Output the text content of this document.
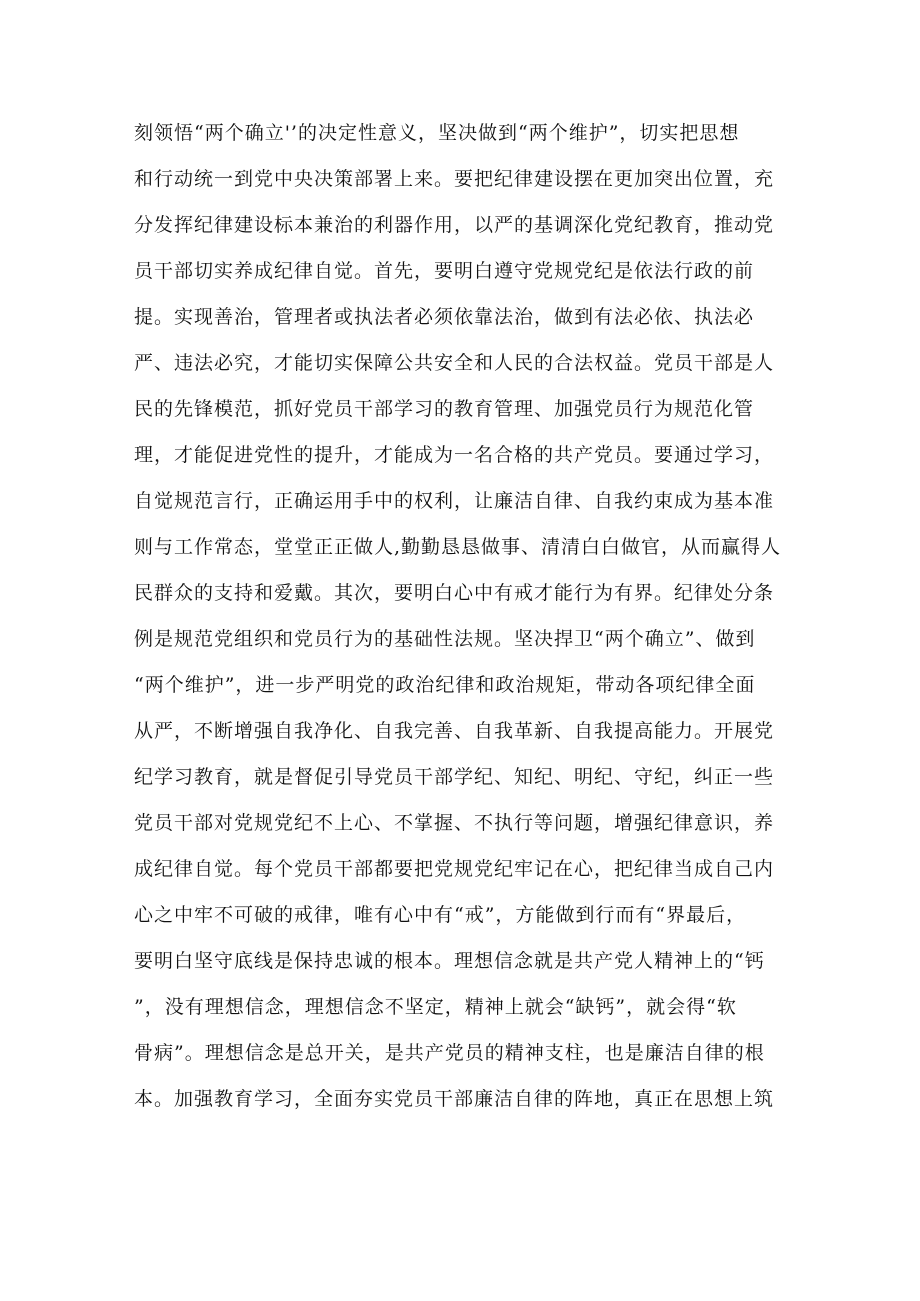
刻领悟“两个确立'’的决定性意义，坚决做到“两个维护”，切实把思想
和行动统一到党中央决策部署上来。要把纪律建设摆在更加突出位置，充
分发挥纪律建设标本兼治的利器作用，以严的基调深化党纪教育，推动党
员干部切实养成纪律自觉。首先，要明白遵守党规党纪是依法行政的前
提。实现善治，管理者或执法者必须依靠法治，做到有法必依、执法必
严、违法必究，才能切实保障公共安全和人民的合法权益。党员干部是人
民的先锋模范，抓好党员干部学习的教育管理、加强党员行为规范化管
理，才能促进党性的提升，才能成为一名合格的共产党员。要通过学习，
自觉规范言行，正确运用手中的权利，让廉洁自律、自我约束成为基本准
则与工作常态，堂堂正正做人,勤勤恳恳做事、清清白白做官，从而赢得人
民群众的支持和爱戴。其次，要明白心中有戒才能行为有界。纪律处分条
例是规范党组织和党员行为的基础性法规。坚决捍卫“两个确立”、做到
“两个维护”，进一步严明党的政治纪律和政治规矩，带动各项纪律全面
从严，不断增强自我净化、自我完善、自我革新、自我提高能力。开展党
纪学习教育，就是督促引导党员干部学纪、知纪、明纪、守纪，纠正一些
党员干部对党规党纪不上心、不掌握、不执行等问题，增强纪律意识，养
成纪律自觉。每个党员干部都要把党规党纪牢记在心，把纪律当成自己内
心之中牢不可破的戒律，唯有心中有“戒”，方能做到行而有“界最后，
要明白坚守底线是保持忠诚的根本。理想信念就是共产党人精神上的“钙
”，没有理想信念，理想信念不坚定，精神上就会“缺钙”，就会得“软
骨病”。理想信念是总开关，是共产党员的精神支柱，也是廉洁自律的根
本。加强教育学习，全面夯实党员干部廉洁自律的阵地，真正在思想上筑
